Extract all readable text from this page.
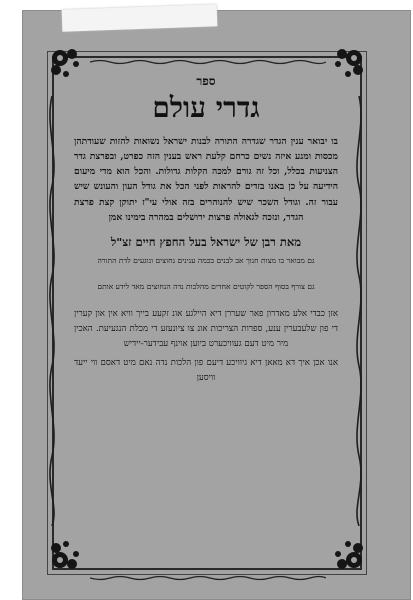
ספר
גדרי עולם

בו יבואר ענין הגדר שגדרה התורה לבנות ישראל נשואות להזות שעודתהן מכסות ומנע איזה נשים כרחם קלעת ראש בענין הזה כפרט, ובפרצת גדר הצניעות בכלל, וכל זה גורם למכה הקלות גדולות. והכל הוא מדי מיעום הידיעה על כן באנו בזדים להראות לפני הכל את גודל העון והעונש שיש עבור זה. וגודל השכר שיש להנוהרים בזה אולי עי"ז יתוקן קצת פרצת הגדר, ונזכה לגאולה פרצות ירושלים במהרה בימינו אמן

מאת רבן של ישראל בעל החפץ חיים זצ"ל
גם מבואר בו מצות חנוך אב לבנים בכמה ענינים נחוצים ונוגעים לדת התורה
גם צורף בסוף הספר לקוטים אחדים מהלכות נדה הנחוצים מאד לידע אותם
אזן כבדי אלע מאדרון פאר שעררן דיא היילגע אונ זקעע בייך וויא אין און קערין די פון שלעבערין ענע, ספרות הצריכות אונ צו ציונעזע די מכלת הנגעיעת. האכין מיר מיט דעם געוויכערט ביוען אוינף עבידער-יידיש
אנו אכן איך דא מאאן דיא גיוויכע דיעם פון הלכות נדה נאם מיט דאסם ווי ייעד וויסען
